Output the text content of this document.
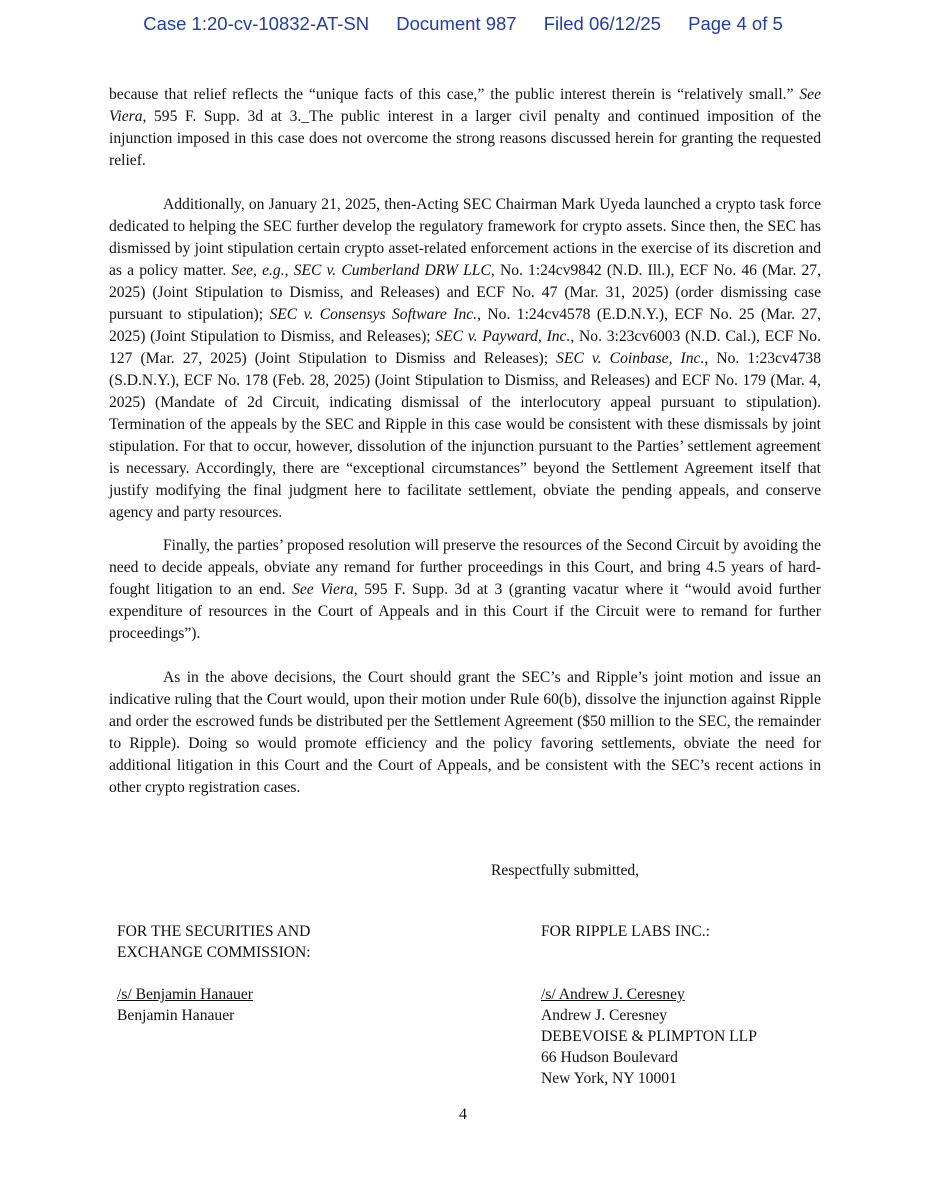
Case 1:20-cv-10832-AT-SN Document 987 Filed 06/12/25 Page 4 of 5

because that relief reflects the “unique facts of this case,” the public interest therein is “relatively small.” See Viera, 595 F. Supp. 3d at 3._The public interest in a larger civil penalty and continued imposition of the injunction imposed in this case does not overcome the strong reasons discussed herein for granting the requested relief.

Additionally, on January 21, 2025, then-Acting SEC Chairman Mark Uyeda launched a crypto task force dedicated to helping the SEC further develop the regulatory framework for crypto assets. Since then, the SEC has dismissed by joint stipulation certain crypto asset-related enforcement actions in the exercise of its discretion and as a policy matter. See, e.g., SEC v. Cumberland DRW LLC, No. 1:24cv9842 (N.D. Ill.), ECF No. 46 (Mar. 27, 2025) (Joint Stipulation to Dismiss, and Releases) and ECF No. 47 (Mar. 31, 2025) (order dismissing case pursuant to stipulation); SEC v. Consensys Software Inc., No. 1:24cv4578 (E.D.N.Y.), ECF No. 25 (Mar. 27, 2025) (Joint Stipulation to Dismiss, and Releases); SEC v. Payward, Inc., No. 3:23cv6003 (N.D. Cal.), ECF No. 127 (Mar. 27, 2025) (Joint Stipulation to Dismiss and Releases); SEC v. Coinbase, Inc., No. 1:23cv4738 (S.D.N.Y.), ECF No. 178 (Feb. 28, 2025) (Joint Stipulation to Dismiss, and Releases) and ECF No. 179 (Mar. 4, 2025) (Mandate of 2d Circuit, indicating dismissal of the interlocutory appeal pursuant to stipulation). Termination of the appeals by the SEC and Ripple in this case would be consistent with these dismissals by joint stipulation. For that to occur, however, dissolution of the injunction pursuant to the Parties’ settlement agreement is necessary. Accordingly, there are “exceptional circumstances” beyond the Settlement Agreement itself that justify modifying the final judgment here to facilitate settlement, obviate the pending appeals, and conserve agency and party resources.

Finally, the parties’ proposed resolution will preserve the resources of the Second Circuit by avoiding the need to decide appeals, obviate any remand for further proceedings in this Court, and bring 4.5 years of hard-fought litigation to an end. See Viera, 595 F. Supp. 3d at 3 (granting vacatur where it “would avoid further expenditure of resources in the Court of Appeals and in this Court if the Circuit were to remand for further proceedings”).

As in the above decisions, the Court should grant the SEC’s and Ripple’s joint motion and issue an indicative ruling that the Court would, upon their motion under Rule 60(b), dissolve the injunction against Ripple and order the escrowed funds be distributed per the Settlement Agreement ($50 million to the SEC, the remainder to Ripple). Doing so would promote efficiency and the policy favoring settlements, obviate the need for additional litigation in this Court and the Court of Appeals, and be consistent with the SEC’s recent actions in other crypto registration cases.

Respectfully submitted,
FOR THE SECURITIES AND
EXCHANGE COMMISSION:
/s/ Benjamin Hanauer
Benjamin Hanauer
FOR RIPPLE LABS INC.:
/s/ Andrew J. Ceresney
Andrew J. Ceresney
DEBEVOISE & PLIMPTON LLP
66 Hudson Boulevard
New York, NY 10001
4
